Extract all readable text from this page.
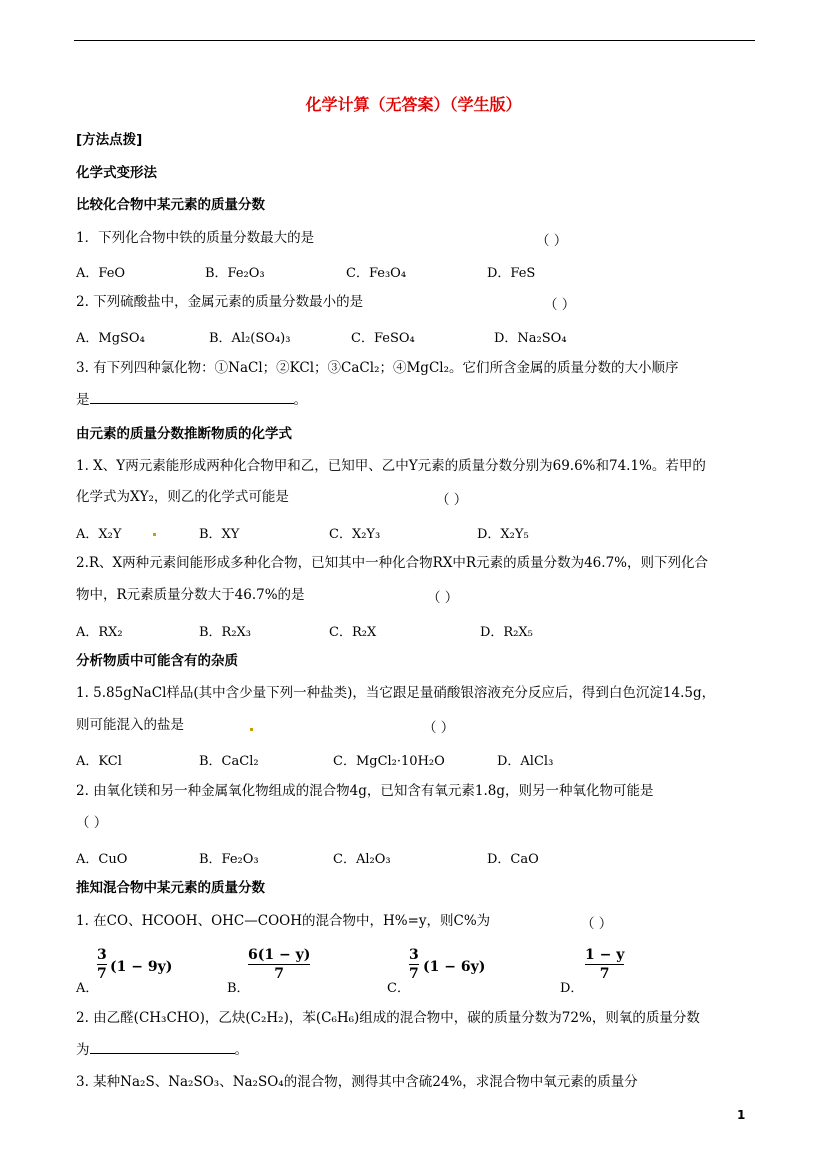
化学计算（无答案）（学生版）
[方法点拨]
化学式变形法
比较化合物中某元素的质量分数
1．下列化合物中铁的质量分数最大的是	（ ）
A．FeO	B．Fe₂O₃	C．Fe₃O₄	D．FeS
2. 下列硫酸盐中，金属元素的质量分数最小的是	（ ）
A．MgSO₄	B．Al₂(SO₄)₃	C．FeSO₄	D．Na₂SO₄
3. 有下列四种氯化物：①NaCl；②KCl；③CaCl₂；④MgCl₂。它们所含金属的质量分数的大小顺序
是	。
由元素的质量分数推断物质的化学式
1. X、Y两元素能形成两种化合物甲和乙，已知甲、乙中Y元素的质量分数分别为69.6%和74.1%。若甲的
化学式为XY₂，则乙的化学式可能是	（ ）
A．X₂Y	B．XY	C．X₂Y₃	D．X₂Y₅
2.R、X两种元素间能形成多种化合物，已知其中一种化合物RX中R元素的质量分数为46.7%，则下列化合
物中，R元素质量分数大于46.7%的是	（ ）
A．RX₂	B．R₂X₃	C．R₂X	D．R₂X₅
分析物质中可能含有的杂质
1. 5.85gNaCl样品(其中含少量下列一种盐类)，当它跟足量硝酸银溶液充分反应后，得到白色沉淀14.5g，
则可能混入的盐是	（ ）
A．KCl	B．CaCl₂	C．MgCl₂·10H₂O	D．AlCl₃
2. 由氧化镁和另一种金属氧化物组成的混合物4g，已知含有氧元素1.8g，则另一种氧化物可能是
（ ）
A．CuO	B．Fe₂O₃	C．Al₂O₃	D．CaO
推知混合物中某元素的质量分数
1. 在CO、HCOOH、OHC—COOH的混合物中，H%=y，则C%为	（ ）
A．
3
7 (1 − 9y)
B．
6(1 − y)
7
C．
3
7 (1 − 6y)
D．
1 − y
7
2. 由乙醛(CH₃CHO)，乙炔(C₂H₂)，苯(C₆H₆)组成的混合物中，碳的质量分数为72%，则氧的质量分数
为	。
3. 某种Na₂S、Na₂SO₃、Na₂SO₄的混合物，测得其中含硫24%，求混合物中氧元素的质量分
1
